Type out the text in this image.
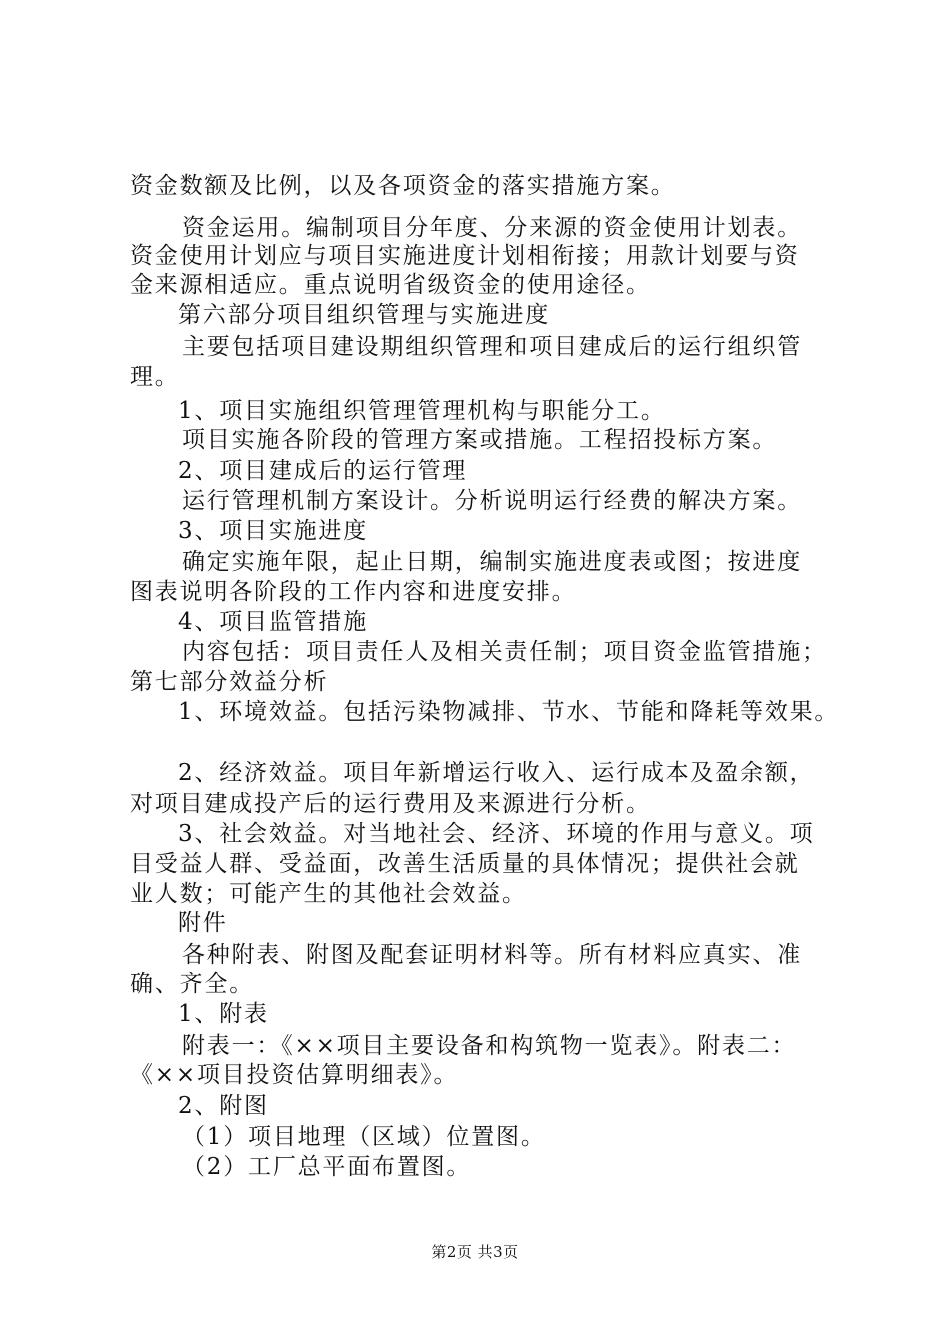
资金数额及比例，以及各项资金的落实措施方案。
资金运用。编制项目分年度、分来源的资金使用计划表。
资金使用计划应与项目实施进度计划相衔接；用款计划要与资
金来源相适应。重点说明省级资金的使用途径。
第六部分项目组织管理与实施进度
主要包括项目建设期组织管理和项目建成后的运行组织管
理。
1、项目实施组织管理管理机构与职能分工。
项目实施各阶段的管理方案或措施。工程招投标方案。
2、项目建成后的运行管理
运行管理机制方案设计。分析说明运行经费的解决方案。
3、项目实施进度
确定实施年限，起止日期，编制实施进度表或图；按进度
图表说明各阶段的工作内容和进度安排。
4、项目监管措施
内容包括：项目责任人及相关责任制；项目资金监管措施；
第七部分效益分析
1、环境效益。包括污染物减排、节水、节能和降耗等效果。
2、经济效益。项目年新增运行收入、运行成本及盈余额，
对项目建成投产后的运行费用及来源进行分析。
3、社会效益。对当地社会、经济、环境的作用与意义。项
目受益人群、受益面，改善生活质量的具体情况；提供社会就
业人数；可能产生的其他社会效益。
附件
各种附表、附图及配套证明材料等。所有材料应真实、准
确、齐全。
1、附表
附表一：《××项目主要设备和构筑物一览表》。附表二：
《××项目投资估算明细表》。
2、附图
（1）项目地理（区域）位置图。
（2）工厂总平面布置图。
第2页 共3页
